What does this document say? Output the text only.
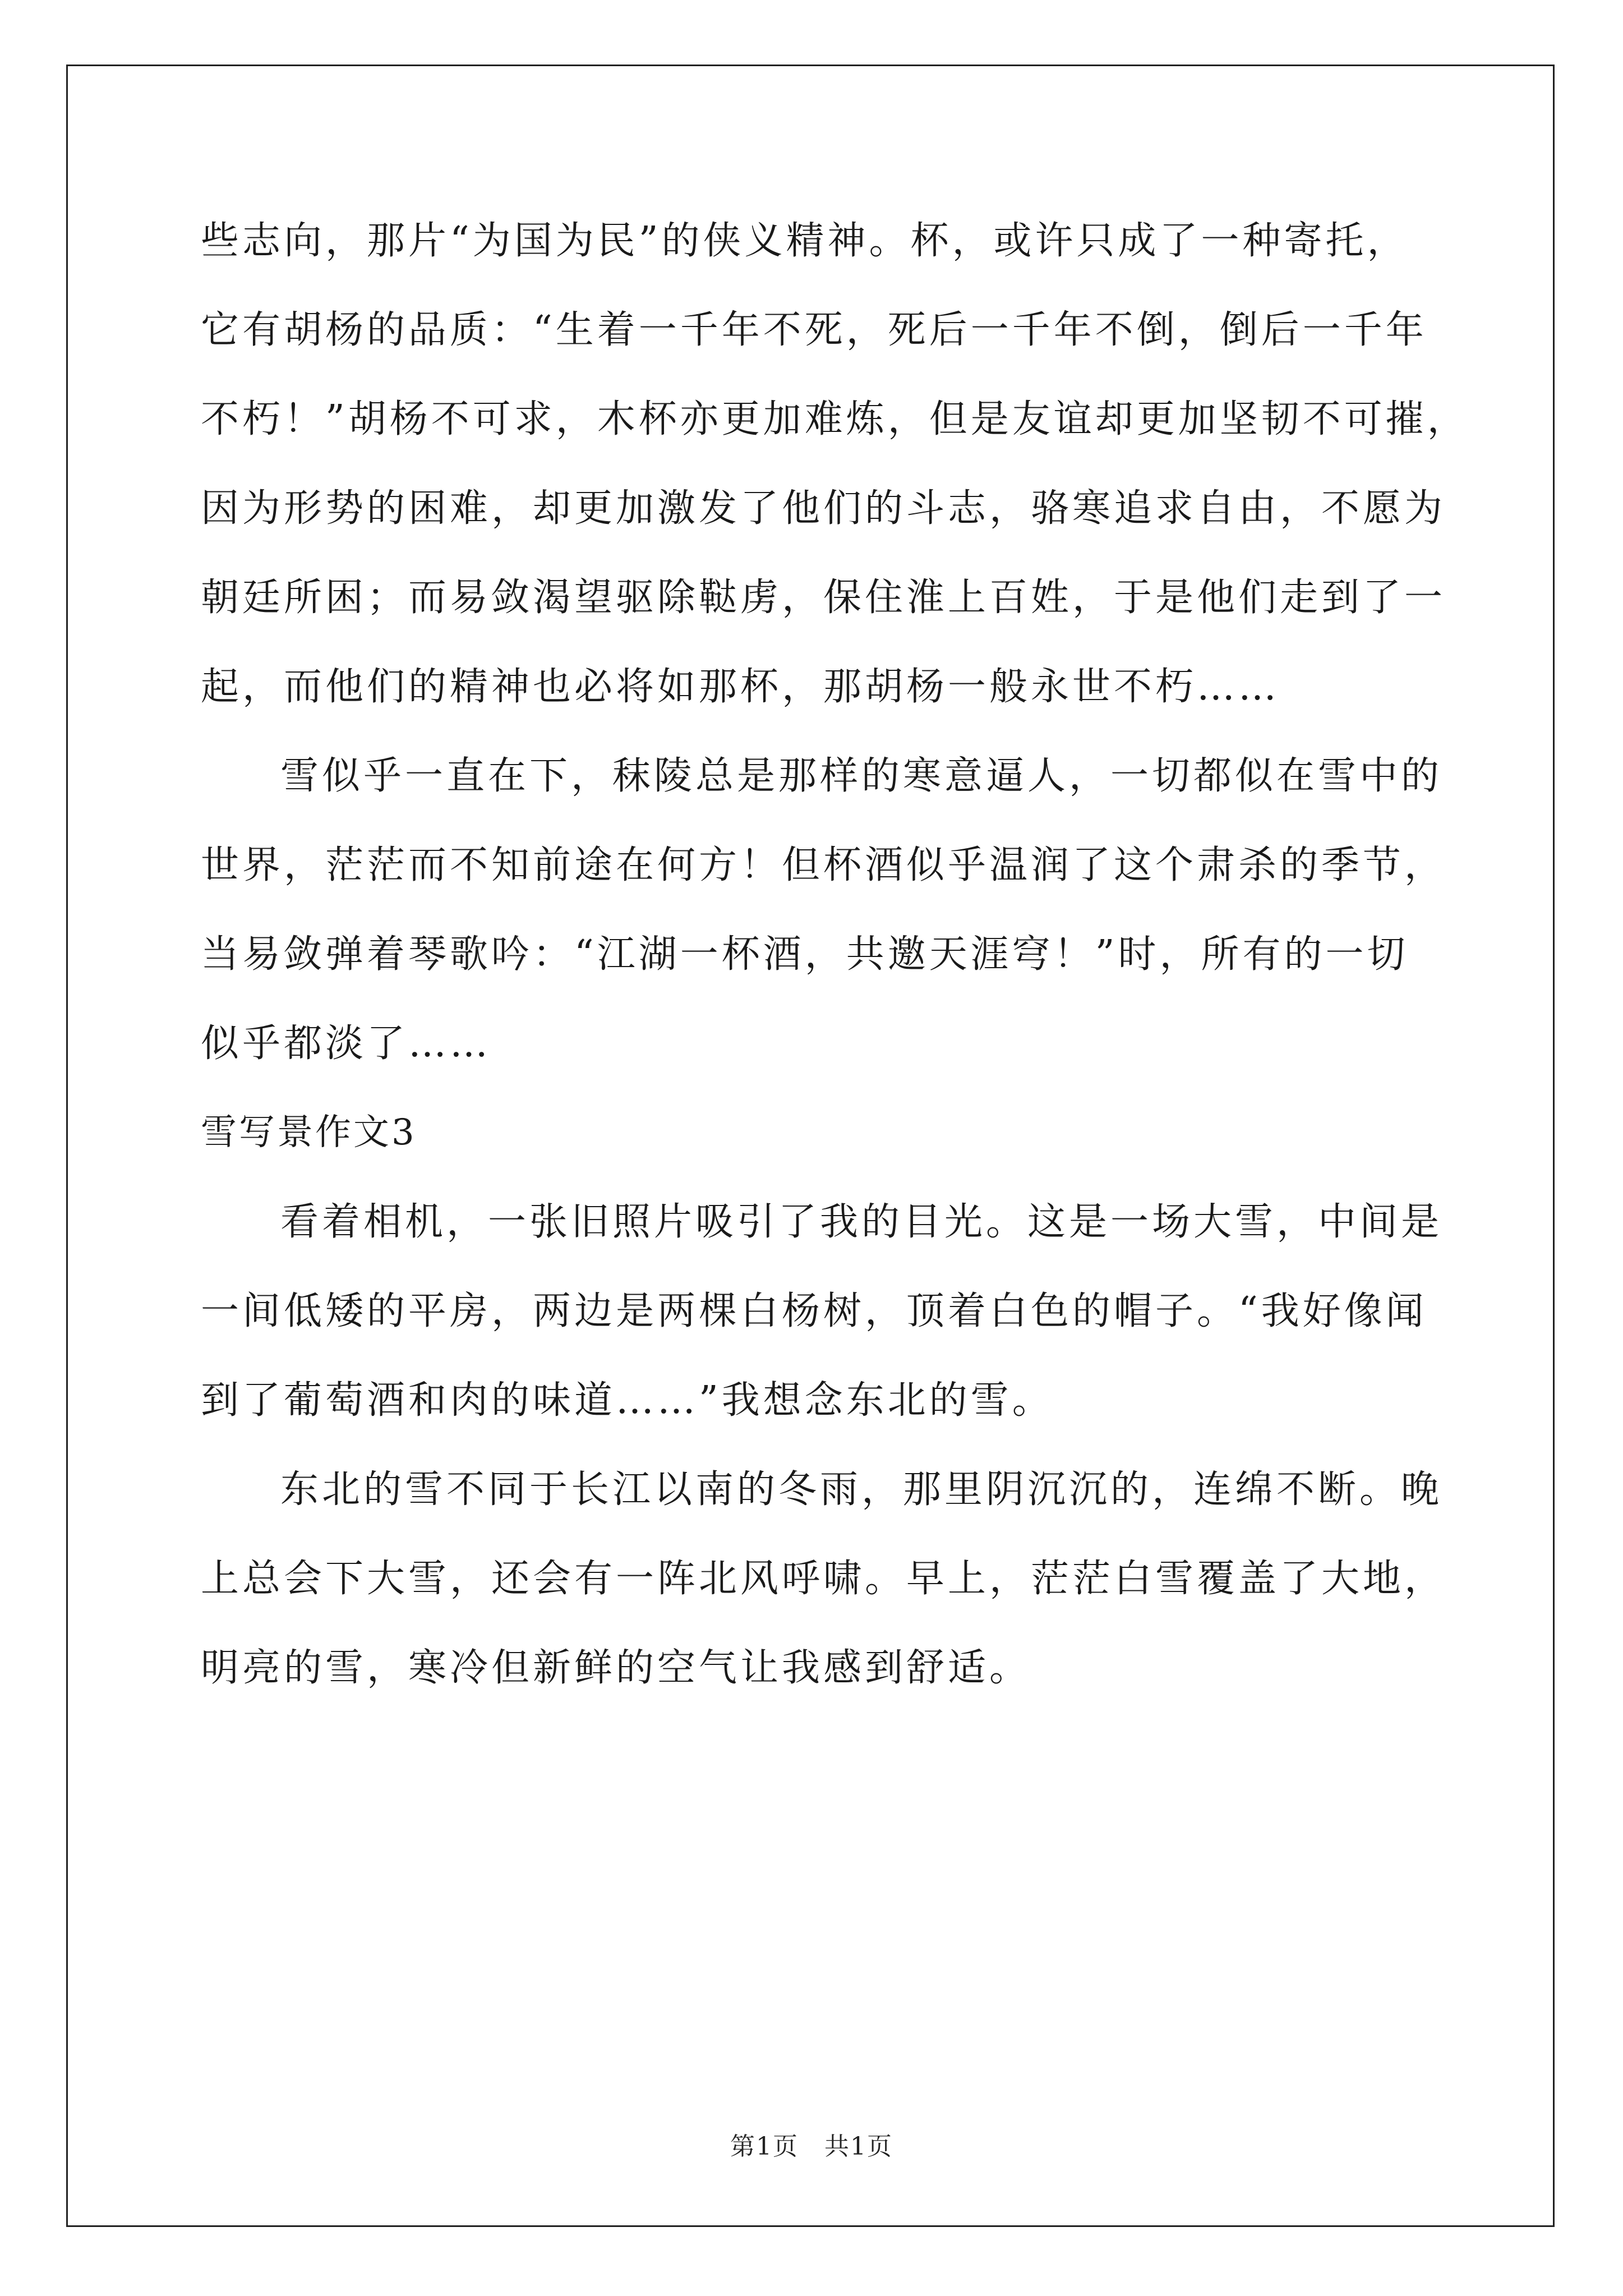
些志向，那片“为国为民”的侠义精神。杯，或许只成了一种寄托，
它有胡杨的品质：“生着一千年不死，死后一千年不倒，倒后一千年
不朽！”胡杨不可求，木杯亦更加难炼，但是友谊却更加坚韧不可摧，
因为形势的困难，却更加激发了他们的斗志，骆寒追求自由，不愿为
朝廷所困；而易敛渴望驱除鞑虏，保住淮上百姓，于是他们走到了一
起，而他们的精神也必将如那杯，那胡杨一般永世不朽……
雪似乎一直在下，秣陵总是那样的寒意逼人，一切都似在雪中的
世界，茫茫而不知前途在何方！但杯酒似乎温润了这个肃杀的季节，
当易敛弹着琴歌吟：“江湖一杯酒，共邀天涯穹！”时，所有的一切
似乎都淡了……
雪写景作文3
看着相机，一张旧照片吸引了我的目光。这是一场大雪，中间是
一间低矮的平房，两边是两棵白杨树，顶着白色的帽子。“我好像闻
到了葡萄酒和肉的味道……”我想念东北的雪。
东北的雪不同于长江以南的冬雨，那里阴沉沉的，连绵不断。晚
上总会下大雪，还会有一阵北风呼啸。早上，茫茫白雪覆盖了大地，
明亮的雪，寒冷但新鲜的空气让我感到舒适。
第1页　共1页
